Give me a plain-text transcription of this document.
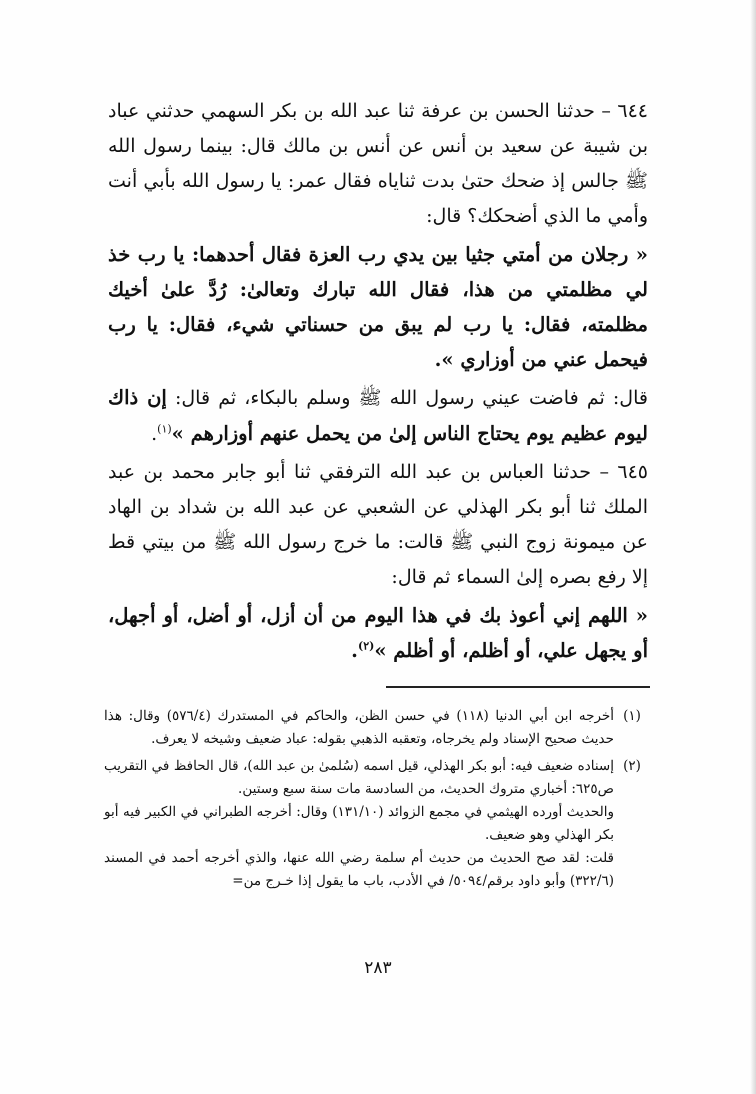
٦٤٤ – حدثنا الحسن بن عرفة ثنا عبد الله بن بكر السهمي حدثني عباد بن شيبة عن سعيد بن أنس عن أنس بن مالك قال: بينما رسول الله ﷺ جالس إذ ضحك حتىٰ بدت ثناياه فقال عمر: يا رسول الله بأبي أنت وأمي ما الذي أضحكك؟ قال:

« رجلان من أمتي جثيا بين يدي رب العزة فقال أحدهما: يا رب خذ لي مظلمتي من هذا، فقال الله تبارك وتعالىٰ: رُدَّ علىٰ أخيك مظلمته، فقال: يا رب لم يبق من حسناتي شيء، فقال: يا رب فيحمل عني من أوزاري ».

قال: ثم فاضت عيني رسول الله ﷺ وسلم بالبكاء، ثم قال: إن ذاك ليوم عظيم يوم يحتاج الناس إلىٰ من يحمل عنهم أوزارهم »$^{(١)}$.

٦٤٥ – حدثنا العباس بن عبد الله الترفقي ثنا أبو جابر محمد بن عبد الملك ثنا أبو بكر الهذلي عن الشعبي عن عبد الله بن شداد بن الهاد عن ميمونة زوج النبي ﷺ قالت: ما خرج رسول الله ﷺ من بيتي قط إلا رفع بصره إلىٰ السماء ثم قال:

« اللهم إني أعوذ بك في هذا اليوم من أن أزل، أو أضل، أو أجهل، أو يجهل علي، أو أظلم، أو أظلم »$^{(٢)}$.

(١)

أخرجه ابن أبي الدنيا (١١٨) في حسن الظن، والحاكم في المستدرك (٥٧٦/٤) وقال: هذا حديث صحيح الإسناد ولم يخرجاه، وتعقبه الذهبي بقوله: عباد ضعيف وشيخه لا يعرف.

(٢)

إسناده ضعيف فيه: أبو بكر الهذلي، قيل اسمه (سُلمىٰ بن عبد الله)، قال الحافظ في التقريب ص٦٢٥: أخباري متروك الحديث، من السادسة مات سنة سبع وستين.

والحديث أورده الهيثمي في مجمع الزوائد (١٣١/١٠) وقال: أخرجه الطبراني في الكبير فيه أبو بكر الهذلي وهو ضعيف.

قلت: لقد صح الحديث من حديث أم سلمة رضي الله عنها، والذي أخرجه أحمد في المسند (٣٢٢/٦) وأبو داود برقم/٥٠٩٤/ في الأدب، باب ما يقول إذا خـرج من=

٢٨٣
